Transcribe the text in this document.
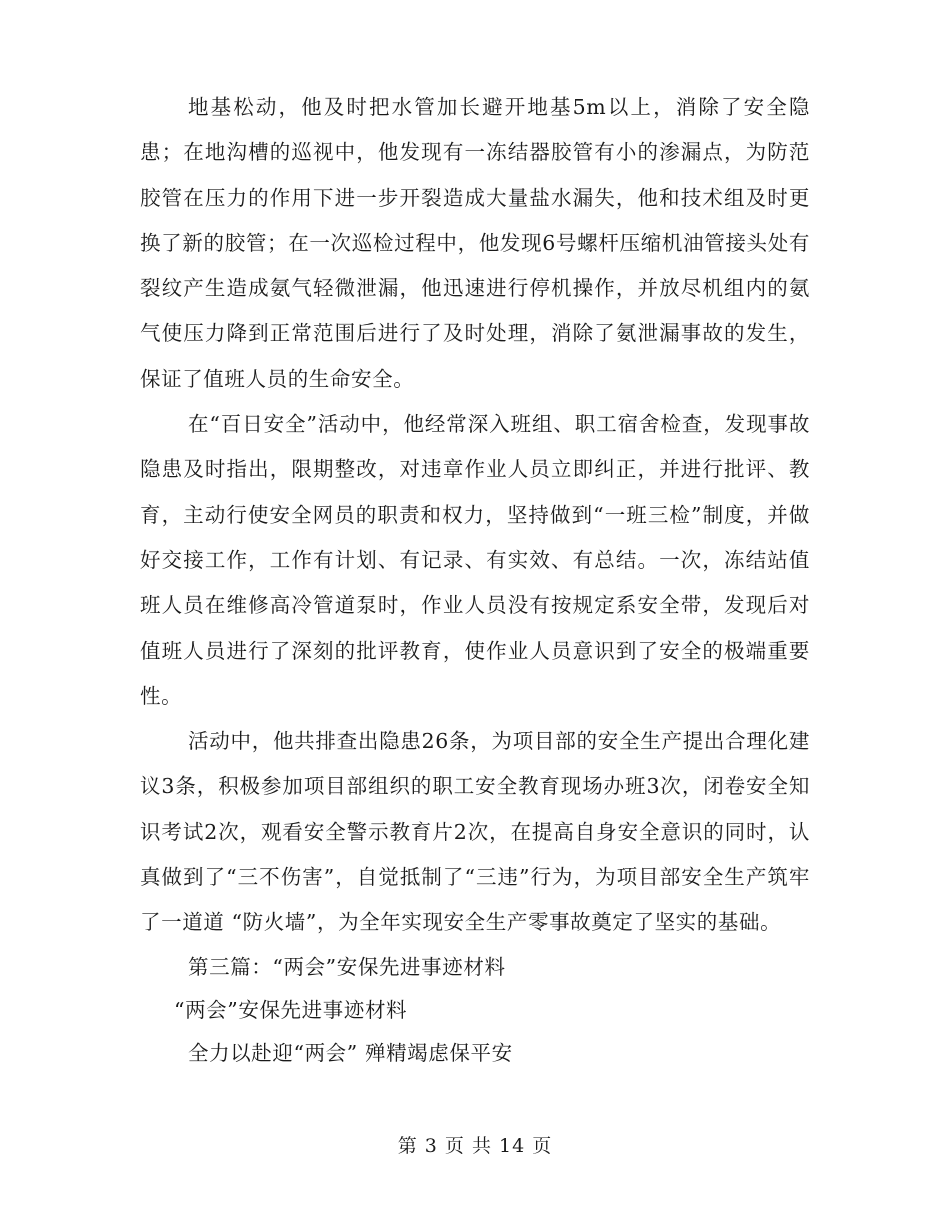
地基松动，他及时把水管加长避开地基5m以上，消除了安全隐患；在地沟槽的巡视中，他发现有一冻结器胶管有小的渗漏点，为防范胶管在压力的作用下进一步开裂造成大量盐水漏失，他和技术组及时更换了新的胶管；在一次巡检过程中，他发现6号螺杆压缩机油管接头处有裂纹产生造成氨气轻微泄漏，他迅速进行停机操作，并放尽机组内的氨气使压力降到正常范围后进行了及时处理，消除了氨泄漏事故的发生，保证了值班人员的生命安全。

在“百日安全”活动中，他经常深入班组、职工宿舍检查，发现事故隐患及时指出，限期整改，对违章作业人员立即纠正，并进行批评、教育，主动行使安全网员的职责和权力，坚持做到“一班三检”制度，并做好交接工作，工作有计划、有记录、有实效、有总结。一次，冻结站值班人员在维修高冷管道泵时，作业人员没有按规定系安全带，发现后对值班人员进行了深刻的批评教育，使作业人员意识到了安全的极端重要性。

活动中，他共排查出隐患26条，为项目部的安全生产提出合理化建议3条，积极参加项目部组织的职工安全教育现场办班3次，闭卷安全知识考试2次，观看安全警示教育片2次，在提高自身安全意识的同时，认真做到了“三不伤害”，自觉抵制了“三违”行为，为项目部安全生产筑牢了一道道 “防火墙”，为全年实现安全生产零事故奠定了坚实的基础。

第三篇：“两会”安保先进事迹材料

“两会”安保先进事迹材料

全力以赴迎“两会” 殚精竭虑保平安

第 3 页 共 14 页
